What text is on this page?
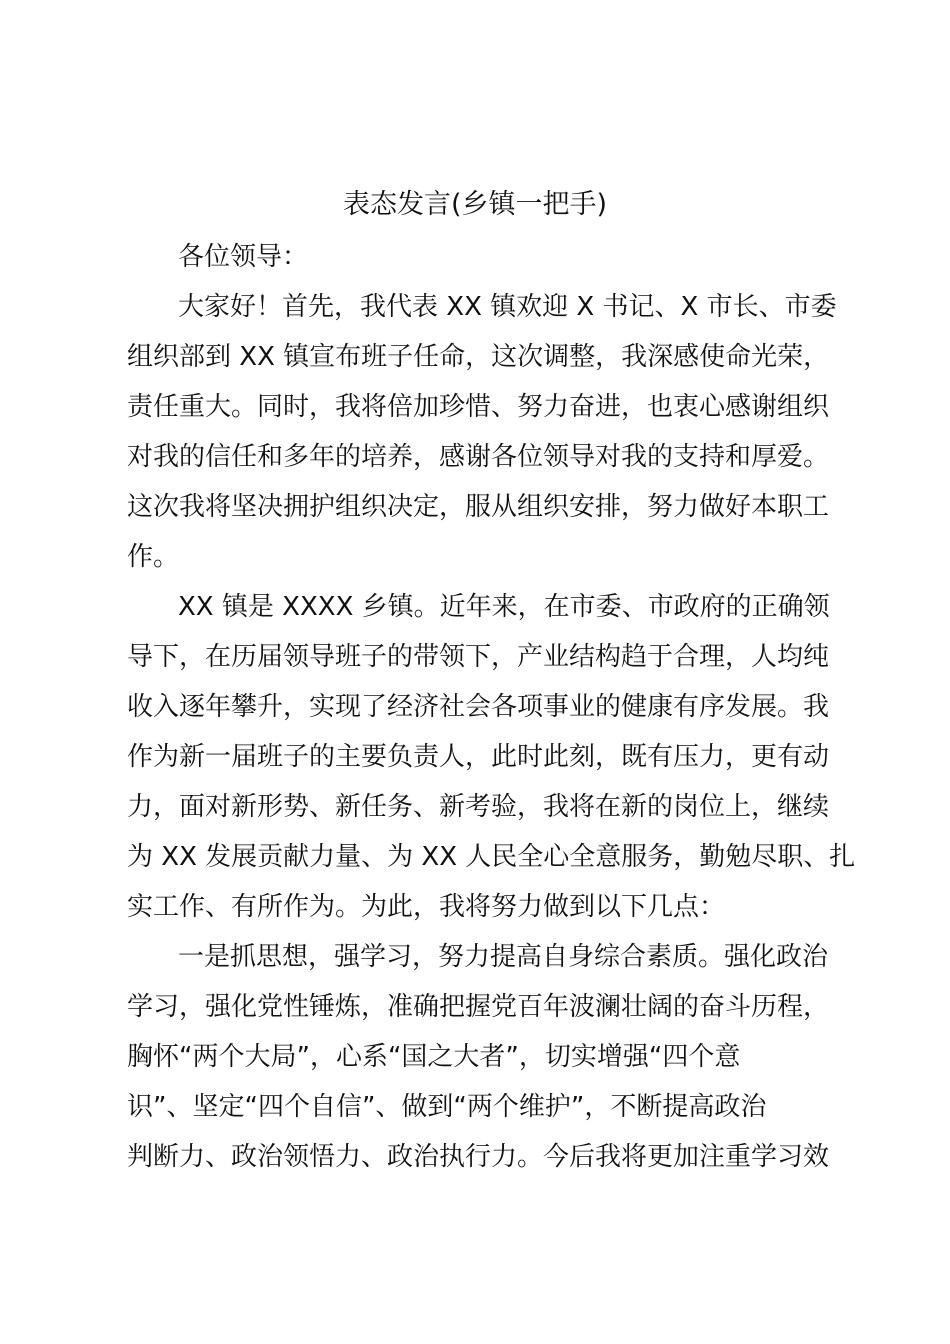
表态发言(乡镇一把手)
各位领导：
大家好！首先，我代表 XX 镇欢迎 X 书记、X 市长、市委
组织部到 XX 镇宣布班子任命，这次调整，我深感使命光荣，
责任重大。同时，我将倍加珍惜、努力奋进，也衷心感谢组织
对我的信任和多年的培养，感谢各位领导对我的支持和厚爱。
这次我将坚决拥护组织决定，服从组织安排，努力做好本职工
作。
XX 镇是 XXXX 乡镇。近年来，在市委、市政府的正确领
导下，在历届领导班子的带领下，产业结构趋于合理，人均纯
收入逐年攀升，实现了经济社会各项事业的健康有序发展。我
作为新一届班子的主要负责人，此时此刻，既有压力，更有动
力，面对新形势、新任务、新考验，我将在新的岗位上，继续
为 XX 发展贡献力量、为 XX 人民全心全意服务，勤勉尽职、扎
实工作、有所作为。为此，我将努力做到以下几点：
一是抓思想，强学习，努力提高自身综合素质。强化政治
学习，强化党性锤炼，准确把握党百年波澜壮阔的奋斗历程，
胸怀“两个大局”，心系“国之大者”，切实增强“四个意
识”、坚定“四个自信”、做到“两个维护”，不断提高政治
判断力、政治领悟力、政治执行力。今后我将更加注重学习效
